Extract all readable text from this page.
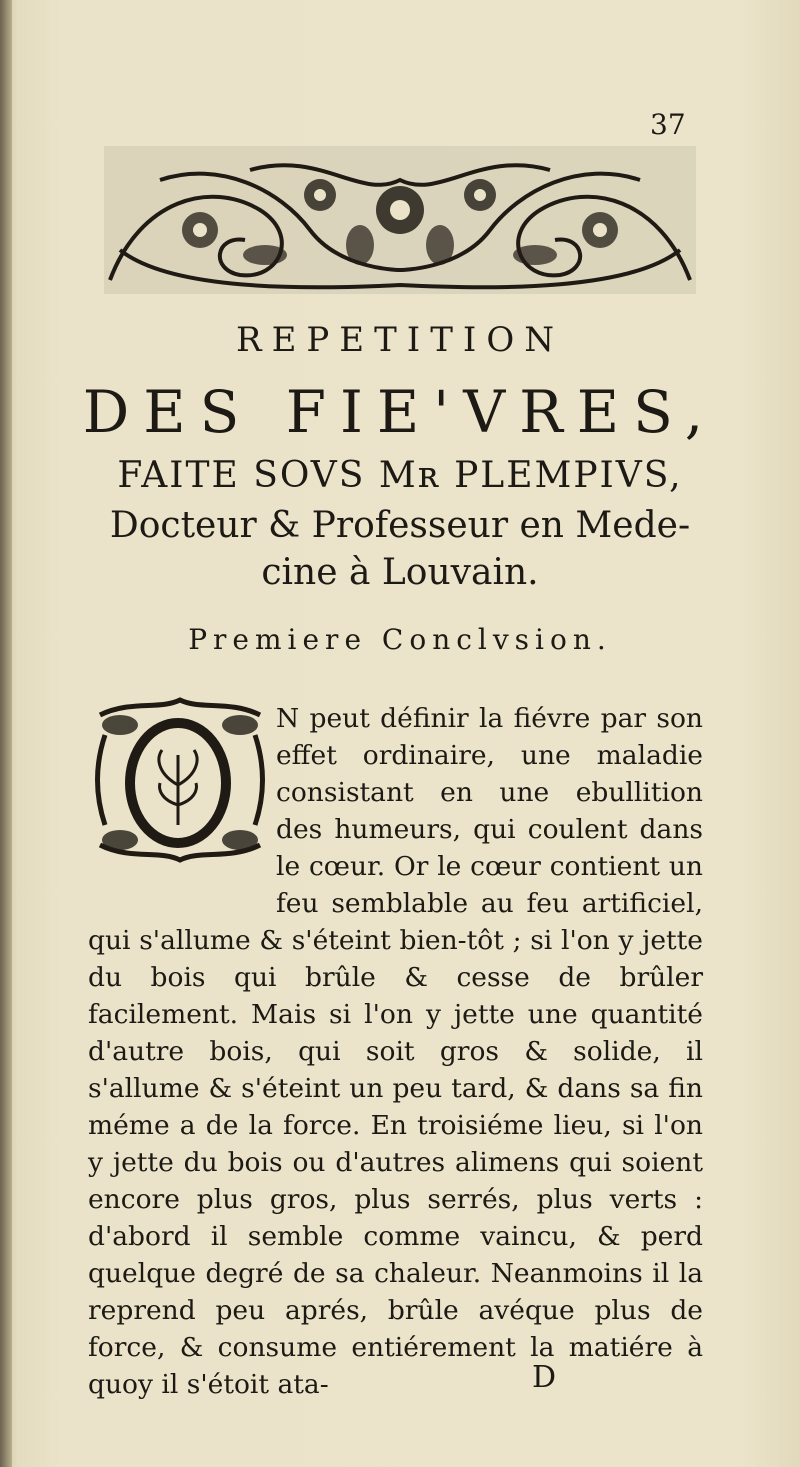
37
REPETITION
DES FIE'VRES,
FAITE SOVS Mʀ PLEMPIVS,
Docteur & Professeur en Mede-
cine à Louvain.
Premiere Conclvsion.
O
N peut définir la fiévre par son effet ordinaire, une maladie consistant en une ebullition des humeurs, qui coulent dans le cœur. Or le cœur contient un feu semblable au feu artificiel, qui s'allume & s'éteint bien-tôt ; si l'on y jette du bois qui brûle & cesse de brûler facilement. Mais si l'on y jette une quantité d'autre bois, qui soit gros & solide, il s'allume & s'éteint un peu tard, & dans sa fin méme a de la force. En troisiéme lieu, si l'on y jette du bois ou d'autres alimens qui soient encore plus gros, plus serrés, plus verts : d'abord il semble comme vaincu, & perd quelque degré de sa chaleur. Neanmoins il la reprend peu aprés, brûle avéque plus de force, & consume entiérement la matiére à quoy il s'étoit ata-	D
